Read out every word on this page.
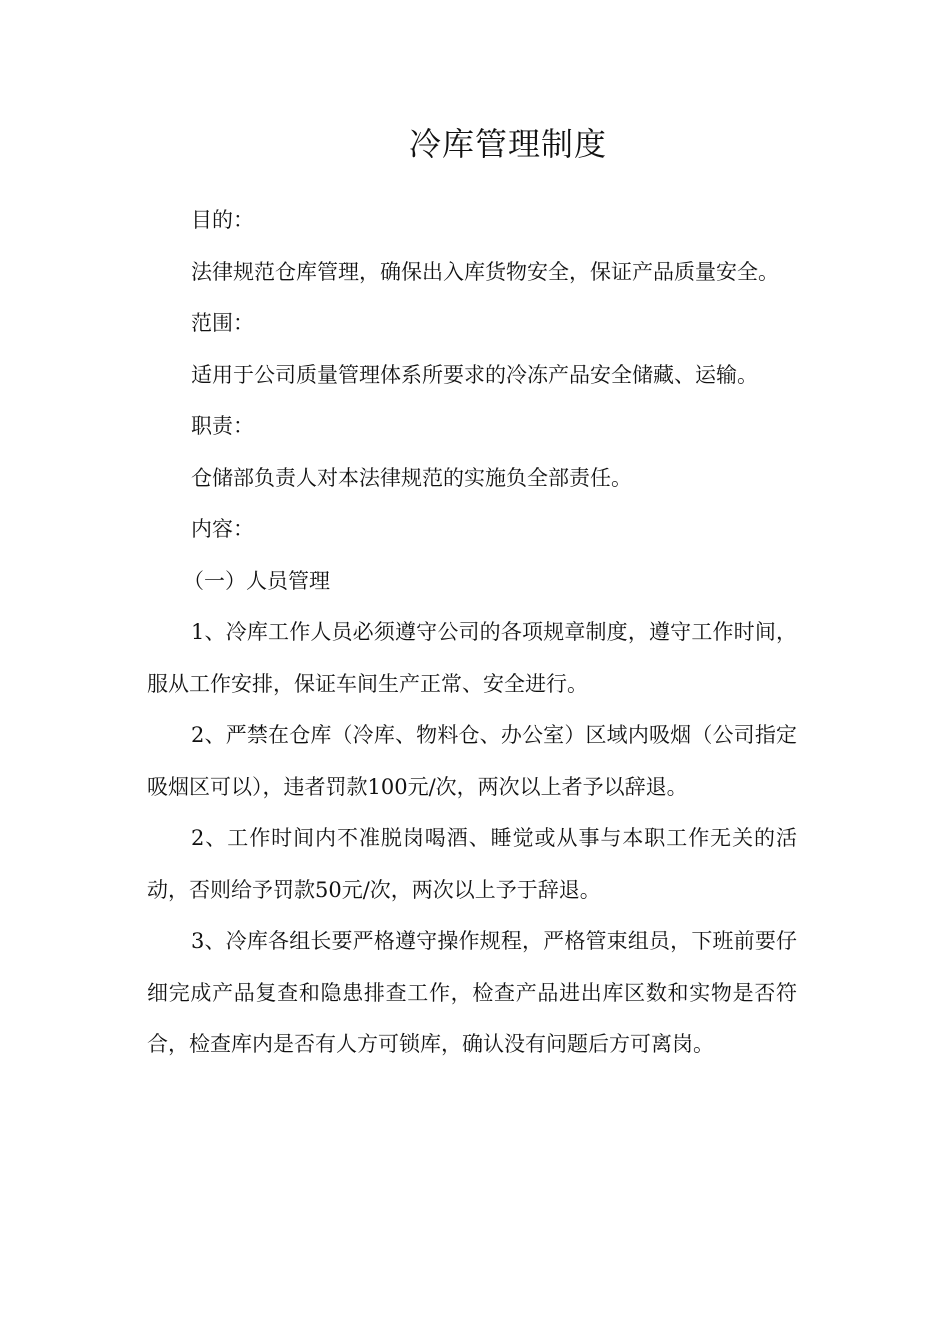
冷库管理制度

目的：

法律规范仓库管理，确保出入库货物安全，保证产品质量安全。

范围：

适用于公司质量管理体系所要求的冷冻产品安全储藏、运输。

职责：

仓储部负责人对本法律规范的实施负全部责任。

内容：

（一）人员管理

1、冷库工作人员必须遵守公司的各项规章制度，遵守工作时间，服从工作安排，保证车间生产正常、安全进行。

2、严禁在仓库（冷库、物料仓、办公室）区域内吸烟（公司指定吸烟区可以），违者罚款100元/次，两次以上者予以辞退。

2、工作时间内不准脱岗喝酒、睡觉或从事与本职工作无关的活动，否则给予罚款50元/次，两次以上予于辞退。

3、冷库各组长要严格遵守操作规程，严格管束组员，下班前要仔细完成产品复查和隐患排查工作，检查产品进出库区数和实物是否符合，检查库内是否有人方可锁库，确认没有问题后方可离岗。
